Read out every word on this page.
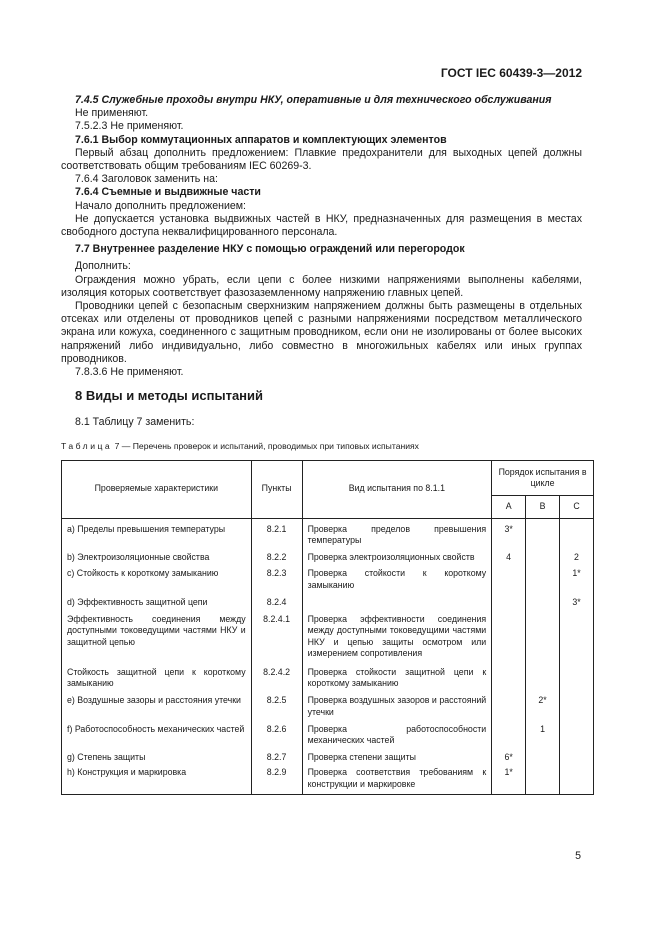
ГОСТ IEC 60439-3—2012

7.4.5 Служебные проходы внутри НКУ, оперативные и для технического обслуживания

Не применяют.

7.5.2.3 Не применяют.

7.6.1 Выбор коммутационных аппаратов и комплектующих элементов

Первый абзац дополнить предложением: Плавкие предохранители для выходных цепей должны соответствовать общим требованиям IEC 60269-3.

7.6.4 Заголовок заменить на:

7.6.4 Съемные и выдвижные части

Начало дополнить предложением:

Не допускается установка выдвижных частей в НКУ, предназначенных для размещения в местах свободного доступа неквалифицированного персонала.

7.7 Внутреннее разделение НКУ с помощью ограждений или перегородок

Дополнить:

Ограждения можно убрать, если цепи с более низкими напряжениями выполнены кабелями, изоляция которых соответствует фазозаземленному напряжению главных цепей.

Проводники цепей с безопасным сверхнизким напряжением должны быть размещены в отдельных отсеках или отделены от проводников цепей с разными напряжениями посредством металлического экрана или кожуха, соединенного с защитным проводником, если они не изолированы от более высоких напряжений либо индивидуально, либо совместно в многожильных кабелях или иных группах проводников.

7.8.3.6 Не применяют.

8 Виды и методы испытаний

8.1 Таблицу 7 заменить:

Таблица 7 — Перечень проверок и испытаний, проводимых при типовых испытаниях

Проверяемые характеристики	Пункты	Вид испытания по 8.1.1	Порядок испытания в цикле		
			A	B	C
a) Пределы превышения температуры	8.2.1	Проверка пределов превышения температуры	3*		
b) Электроизоляционные свойства	8.2.2	Проверка электроизоляционных свойств	4		2
c) Стойкость к короткому замыканию	8.2.3	Проверка стойкости к короткому замыканию			1*
d) Эффективность защитной цепи	8.2.4				3*
Эффективность соединения между доступными токоведущими частями НКУ и защитной цепью	8.2.4.1	Проверка эффективности соединения между доступными токоведущими частями НКУ и цепью защиты осмотром или измерением сопротивления			
Стойкость защитной цепи к короткому замыканию	8.2.4.2	Проверка стойкости защитной цепи к короткому замыканию			
e) Воздушные зазоры и расстояния утечки	8.2.5	Проверка воздушных зазоров и расстояний утечки		2*	
f) Работоспособность механических частей	8.2.6	Проверка работоспособности механических частей		1	
g) Степень защиты	8.2.7	Проверка степени защиты	6*		
h) Конструкция и маркировка	8.2.9	Проверка соответствия требованиям к конструкции и маркировке	1*		
5
